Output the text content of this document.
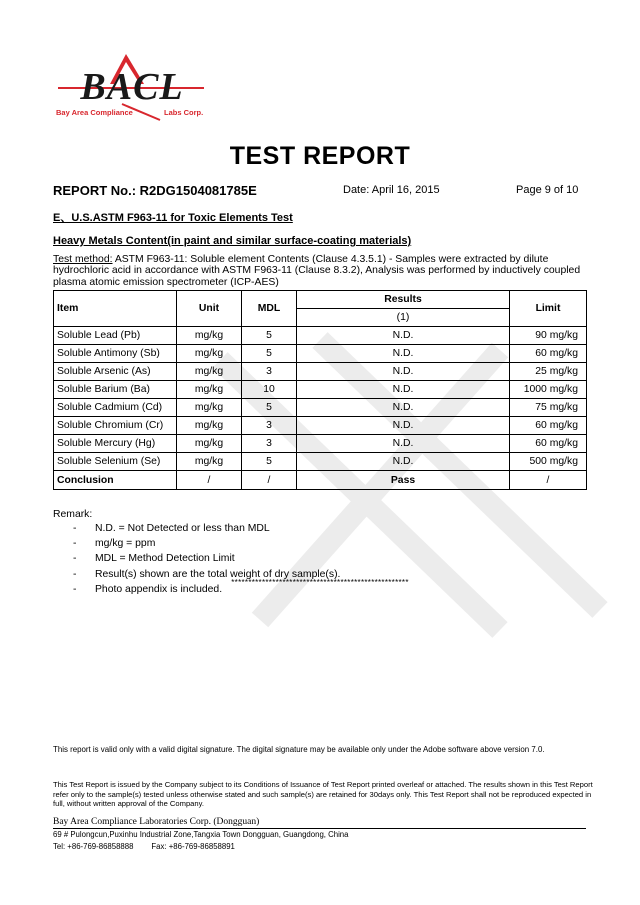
BACL
Bay Area Compliance	Labs Corp.
TEST REPORT
REPORT No.: R2DG1504081785E	Date: April 16, 2015	Page 9 of 10
E、U.S.ASTM F963-11 for Toxic Elements Test
Heavy Metals Content(in paint and similar surface-coating materials)
Test method: ASTM F963-11: Soluble element Contents (Clause 4.3.5.1) - Samples were extracted by dilute hydrochloric acid in accordance with ASTM F963-11 (Clause 8.3.2), Analysis was performed by inductively coupled plasma atomic emission spectrometer (ICP-AES)
Item	Unit	MDL	Results	Limit
			(1)	
Soluble Lead (Pb)	mg/kg	5	N.D.	90 mg/kg
Soluble Antimony (Sb)	mg/kg	5	N.D.	60 mg/kg
Soluble Arsenic (As)	mg/kg	3	N.D.	25 mg/kg
Soluble Barium (Ba)	mg/kg	10	N.D.	1000 mg/kg
Soluble Cadmium (Cd)	mg/kg	5	N.D.	75 mg/kg
Soluble Chromium (Cr)	mg/kg	3	N.D.	60 mg/kg
Soluble Mercury (Hg)	mg/kg	3	N.D.	60 mg/kg
Soluble Selenium (Se)	mg/kg	5	N.D.	500 mg/kg
Conclusion	/	/	Pass	/
Remark:
- N.D. = Not Detected or less than MDL
- mg/kg = ppm
- MDL = Method Detection Limit
- Result(s) shown are the total weight of dry sample(s).
- Photo appendix is included.
****************************************************
This report is valid only with a valid digital signature. The digital signature may be available only under the Adobe software above version 7.0.
This Test Report is issued by the Company subject to its Conditions of Issuance of Test Report printed overleaf or attached. The results shown in this Test Report refer only to the sample(s) tested unless otherwise stated and such sample(s) are retained for 30days only. This Test Report shall not be reproduced expected in full, without written approval of the Company.
Bay Area Compliance Laboratories Corp. (Dongguan)
69 # Pulongcun,Puxinhu Industrial Zone,Tangxia Town Dongguan, Guangdong, China
Tel: +86-769-86858888 Fax: +86-769-86858891
